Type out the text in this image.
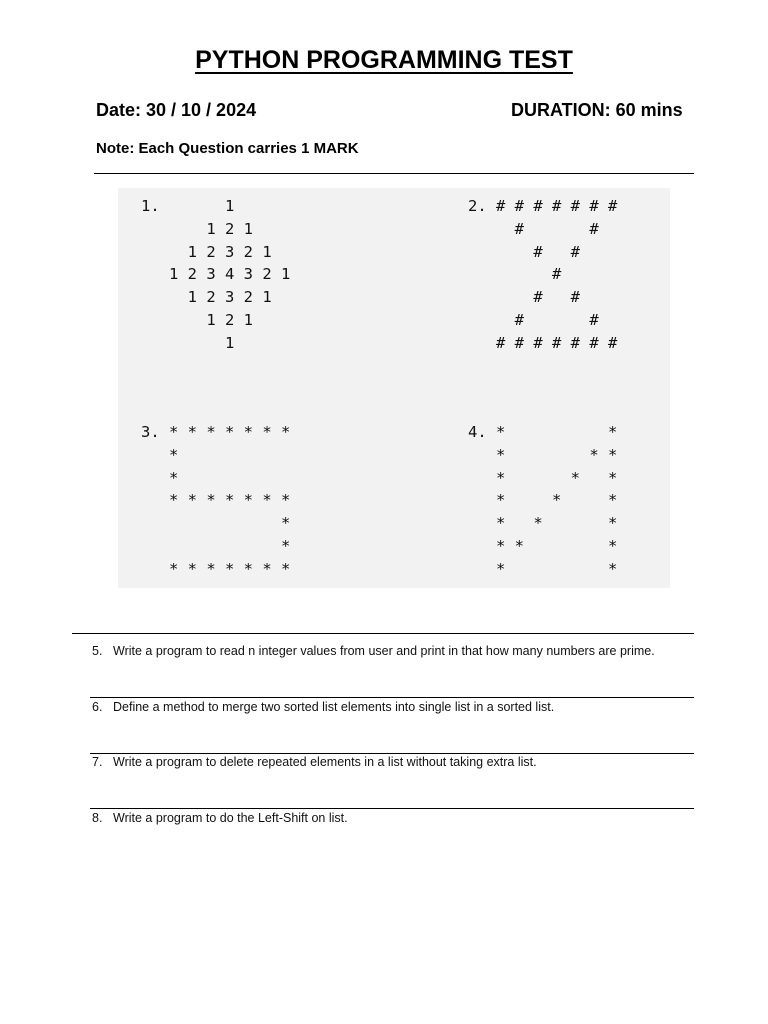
PYTHON PROGRAMMING TEST
Date: 30 / 10 / 2024	DURATION: 60 mins
Note: Each Question carries 1 MARK
1.       1
1 2 1
1 2 3 2 1
1 2 3 4 3 2 1
1 2 3 2 1
1 2 1
1
2. # # # # # # #
#       #
#   #
#
#   #
#       #
# # # # # # #
3. * * * * * * *
*
*
* * * * * * *
*
*
* * * * * * *
4. *           *
*         * *
*       *   *
*     *     *
*   *       *
* *         *
*           *
5. Write a program to read n integer values from user and print in that how many numbers are prime.
6. Define a method to merge two sorted list elements into single list in a sorted list.
7. Write a program to delete repeated elements in a list without taking extra list.
8. Write a program to do the Left-Shift on list.
